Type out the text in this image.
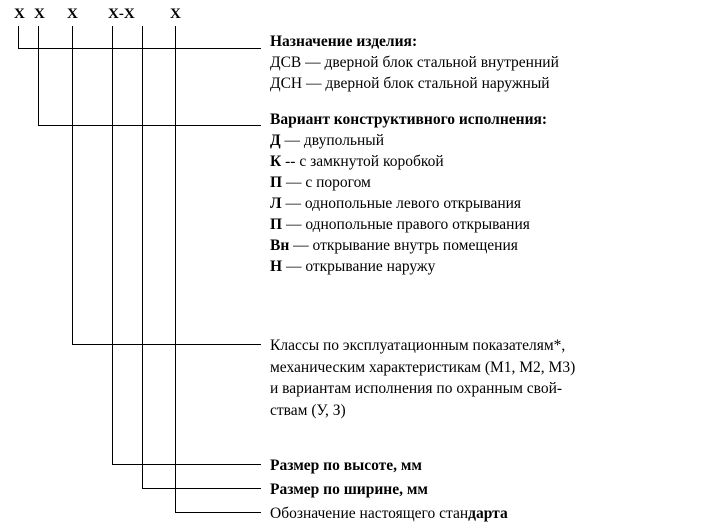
X X X X-X X
Назначение изделия:
ДСВ — дверной блок стальной внутренний
ДСН — дверной блок стальной наружный
Вариант конструктивного исполнения:
Д — двупольный
К -- с замкнутой коробкой
П — с порогом
Л — однопольные левого открывания
П — однопольные правого открывания
Вн — открывание внутрь помещения
Н — открывание наружу
Классы по эксплуатационным показателям*,
механическим характеристикам (М1, М2, М3)
и вариантам исполнения по охранным свой-
ствам (У, З)
Размер по высоте, мм
Размер по ширине, мм
Обозначение настоящего стандарта
